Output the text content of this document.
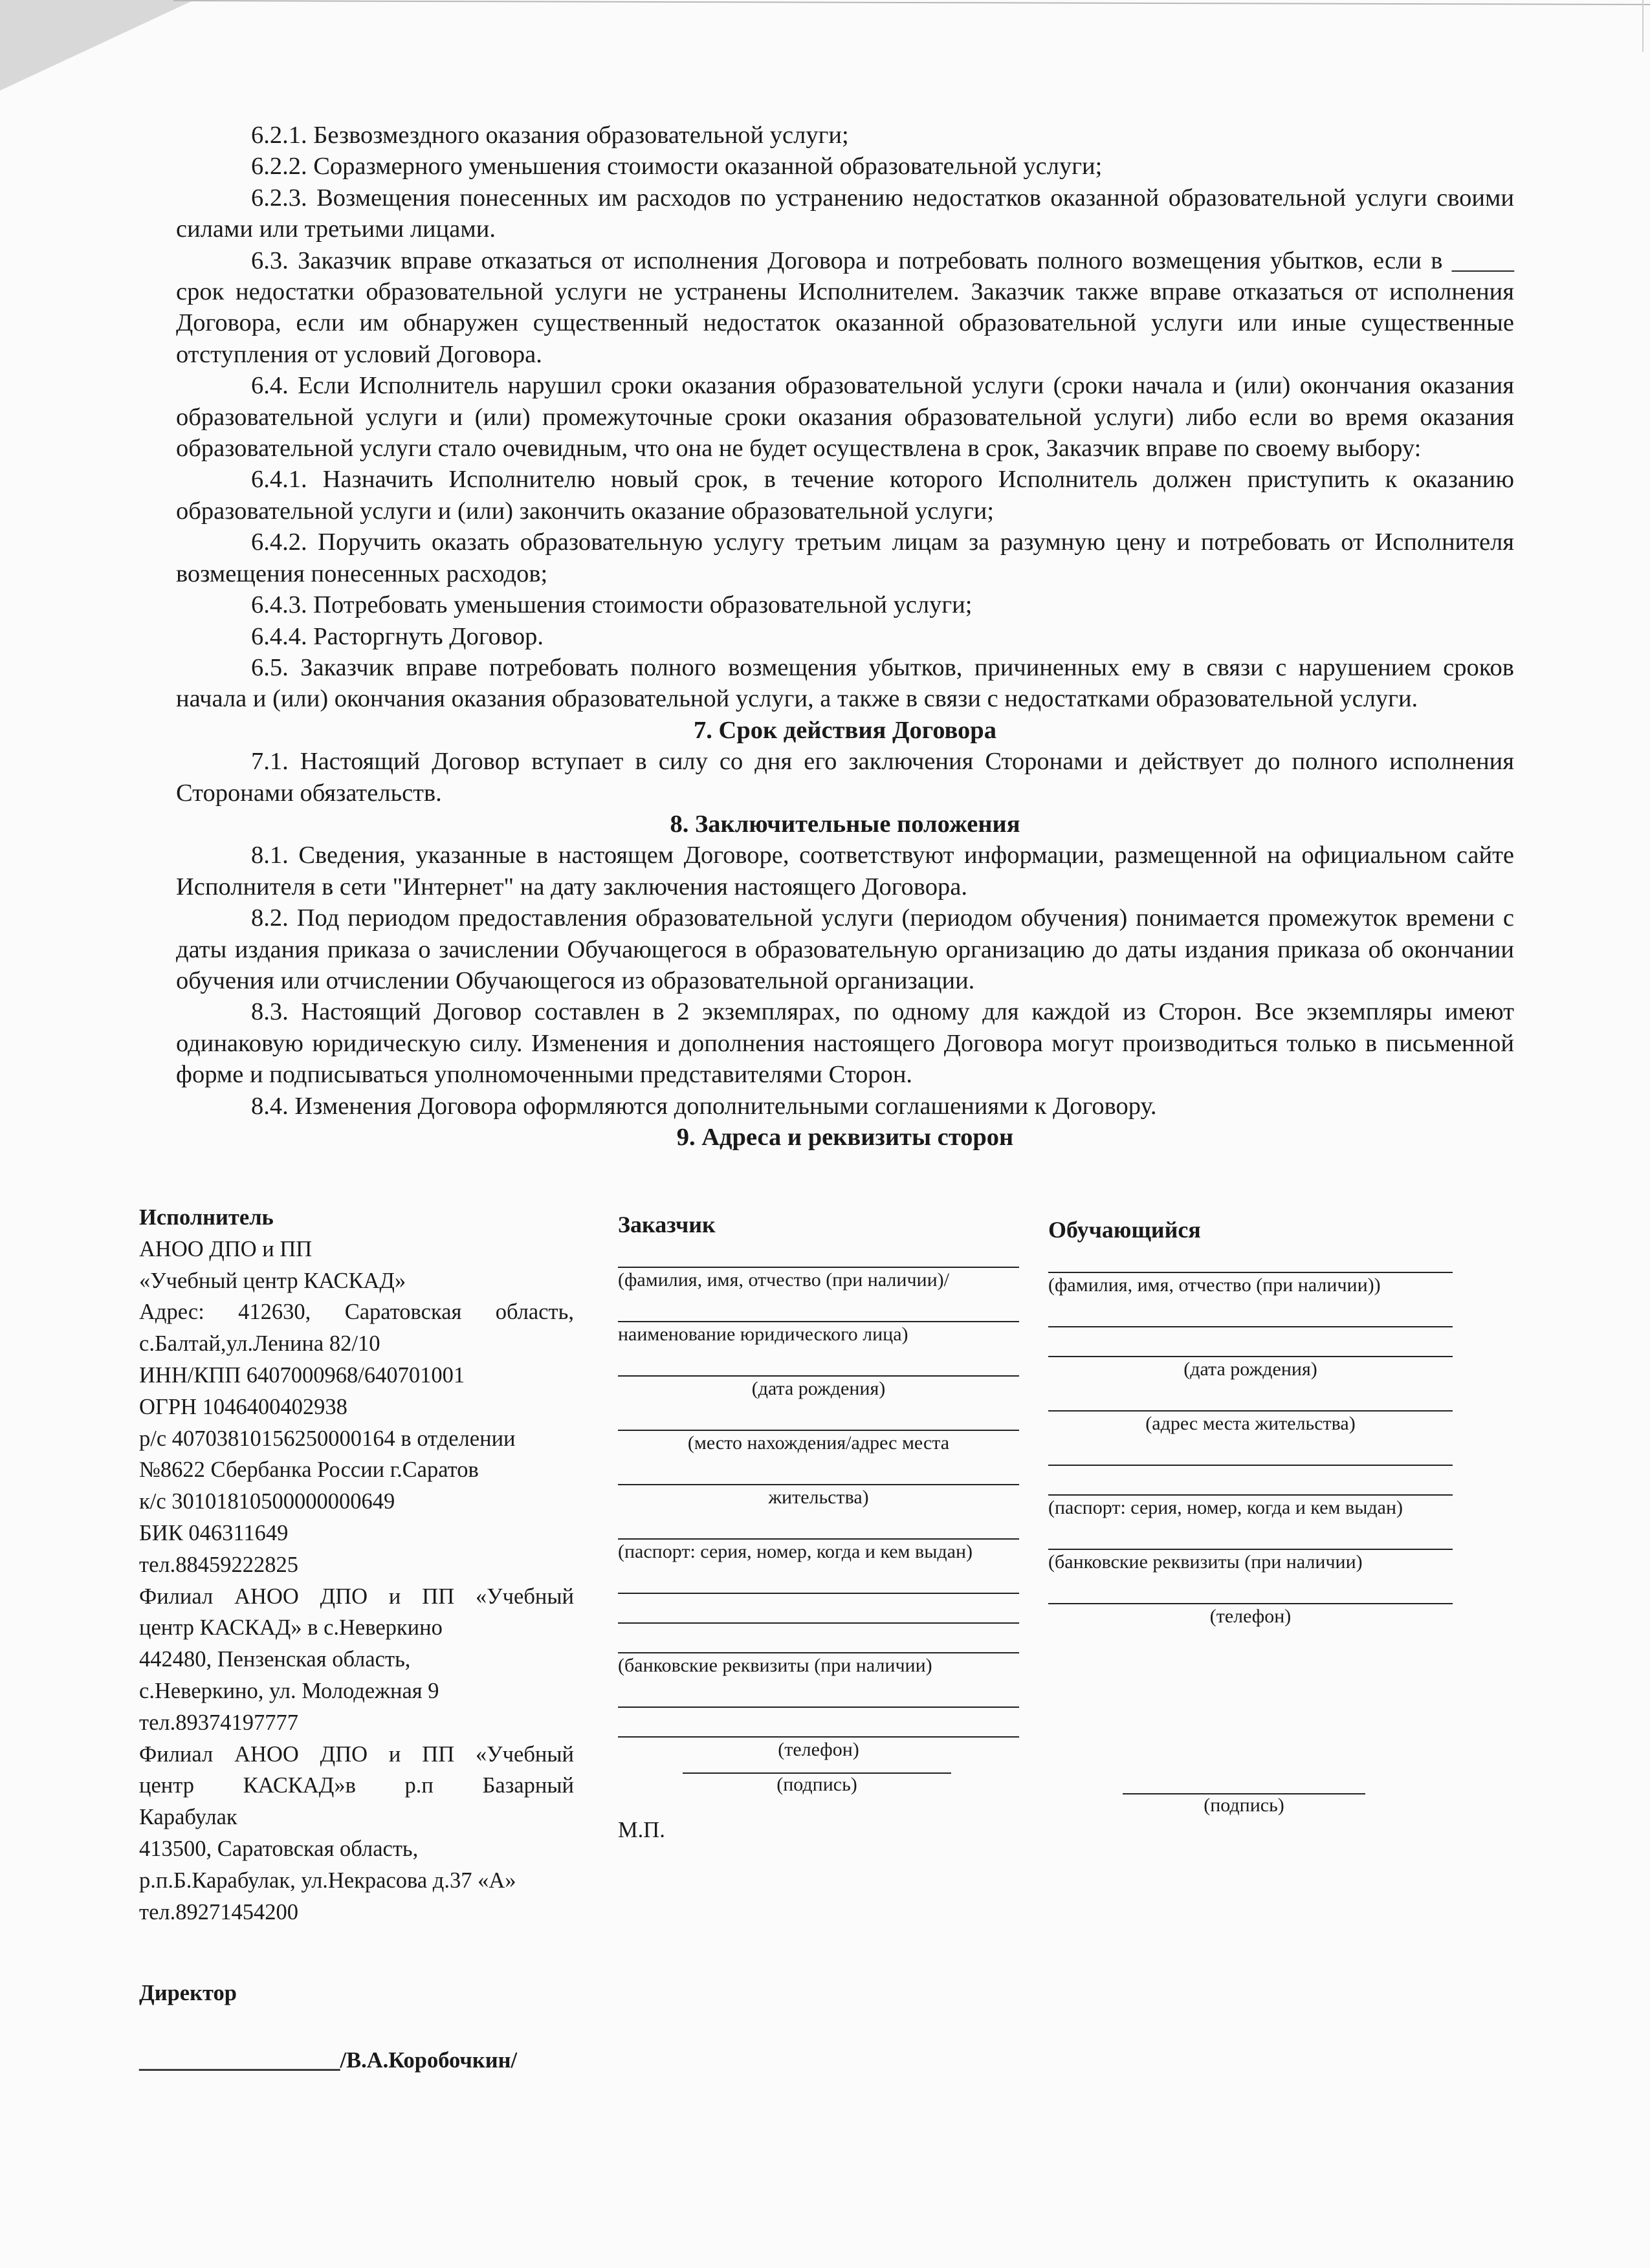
6.2.1. Безвозмездного оказания образовательной услуги;

6.2.2. Соразмерного уменьшения стоимости оказанной образовательной услуги;

6.2.3. Возмещения понесенных им расходов по устранению недостатков оказанной образовательной услуги своими силами или третьими лицами.

6.3. Заказчик вправе отказаться от исполнения Договора и потребовать полного возмещения убытков, если в _____ срок недостатки образовательной услуги не устранены Исполнителем. Заказчик также вправе отказаться от исполнения Договора, если им обнаружен существенный недостаток оказанной образовательной услуги или иные существенные отступления от условий Договора.

6.4. Если Исполнитель нарушил сроки оказания образовательной услуги (сроки начала и (или) окончания оказания образовательной услуги и (или) промежуточные сроки оказания образовательной услуги) либо если во время оказания образовательной услуги стало очевидным, что она не будет осуществлена в срок, Заказчик вправе по своему выбору:

6.4.1. Назначить Исполнителю новый срок, в течение которого Исполнитель должен приступить к оказанию образовательной услуги и (или) закончить оказание образовательной услуги;

6.4.2. Поручить оказать образовательную услугу третьим лицам за разумную цену и потребовать от Исполнителя возмещения понесенных расходов;

6.4.3. Потребовать уменьшения стоимости образовательной услуги;

6.4.4. Расторгнуть Договор.

6.5. Заказчик вправе потребовать полного возмещения убытков, причиненных ему в связи с нарушением сроков начала и (или) окончания оказания образовательной услуги, а также в связи с недостатками образовательной услуги.

7. Срок действия Договора

7.1. Настоящий Договор вступает в силу со дня его заключения Сторонами и действует до полного исполнения Сторонами обязательств.

8. Заключительные положения

8.1. Сведения, указанные в настоящем Договоре, соответствуют информации, размещенной на официальном сайте Исполнителя в сети "Интернет" на дату заключения настоящего Договора.

8.2. Под периодом предоставления образовательной услуги (периодом обучения) понимается промежуток времени с даты издания приказа о зачислении Обучающегося в образовательную организацию до даты издания приказа об окончании обучения или отчислении Обучающегося из образовательной организации.

8.3. Настоящий Договор составлен в 2 экземплярах, по одному для каждой из Сторон. Все экземпляры имеют одинаковую юридическую силу. Изменения и дополнения настоящего Договора могут производиться только в письменной форме и подписываться уполномоченными представителями Сторон.

8.4. Изменения Договора оформляются дополнительными соглашениями к Договору.

9. Адреса и реквизиты сторон

Исполнитель
АНОО ДПО и ПП
«Учебный центр КАСКАД»
Адрес: 412630, Саратовская область,
с.Балтай,ул.Ленина 82/10
ИНН/КПП 6407000968/640701001
ОГРН 1046400402938
р/с 40703810156250000164 в отделении
№8622 Сбербанка России г.Саратов
к/с 30101810500000000649
БИК 046311649
тел.88459222825
Филиал АНОО ДПО и ПП «Учебный
центр КАСКАД» в с.Неверкино
442480, Пензенская область,
с.Неверкино, ул. Молодежная 9
тел.89374197777
Филиал АНОО ДПО и ПП «Учебный
центр КАСКАД»в р.п Базарный
Карабулак
413500, Саратовская область,
р.п.Б.Карабулак, ул.Некрасова д.37 «А»
тел.89271454200
Директор
__________________/В.А.Коробочкин/
Заказчик
(фамилия, имя, отчество (при наличии)/
наименование юридического лица)
(дата рождения)
(место нахождения/адрес места
жительства)
(паспорт: серия, номер, когда и кем выдан)
(банковские реквизиты (при наличии)
(телефон)
(подпись)
М.П.
Обучающийся
(фамилия, имя, отчество (при наличии))
(дата рождения)
(адрес места жительства)
(паспорт: серия, номер, когда и кем выдан)
(банковские реквизиты (при наличии)
(телефон)
(подпись)
